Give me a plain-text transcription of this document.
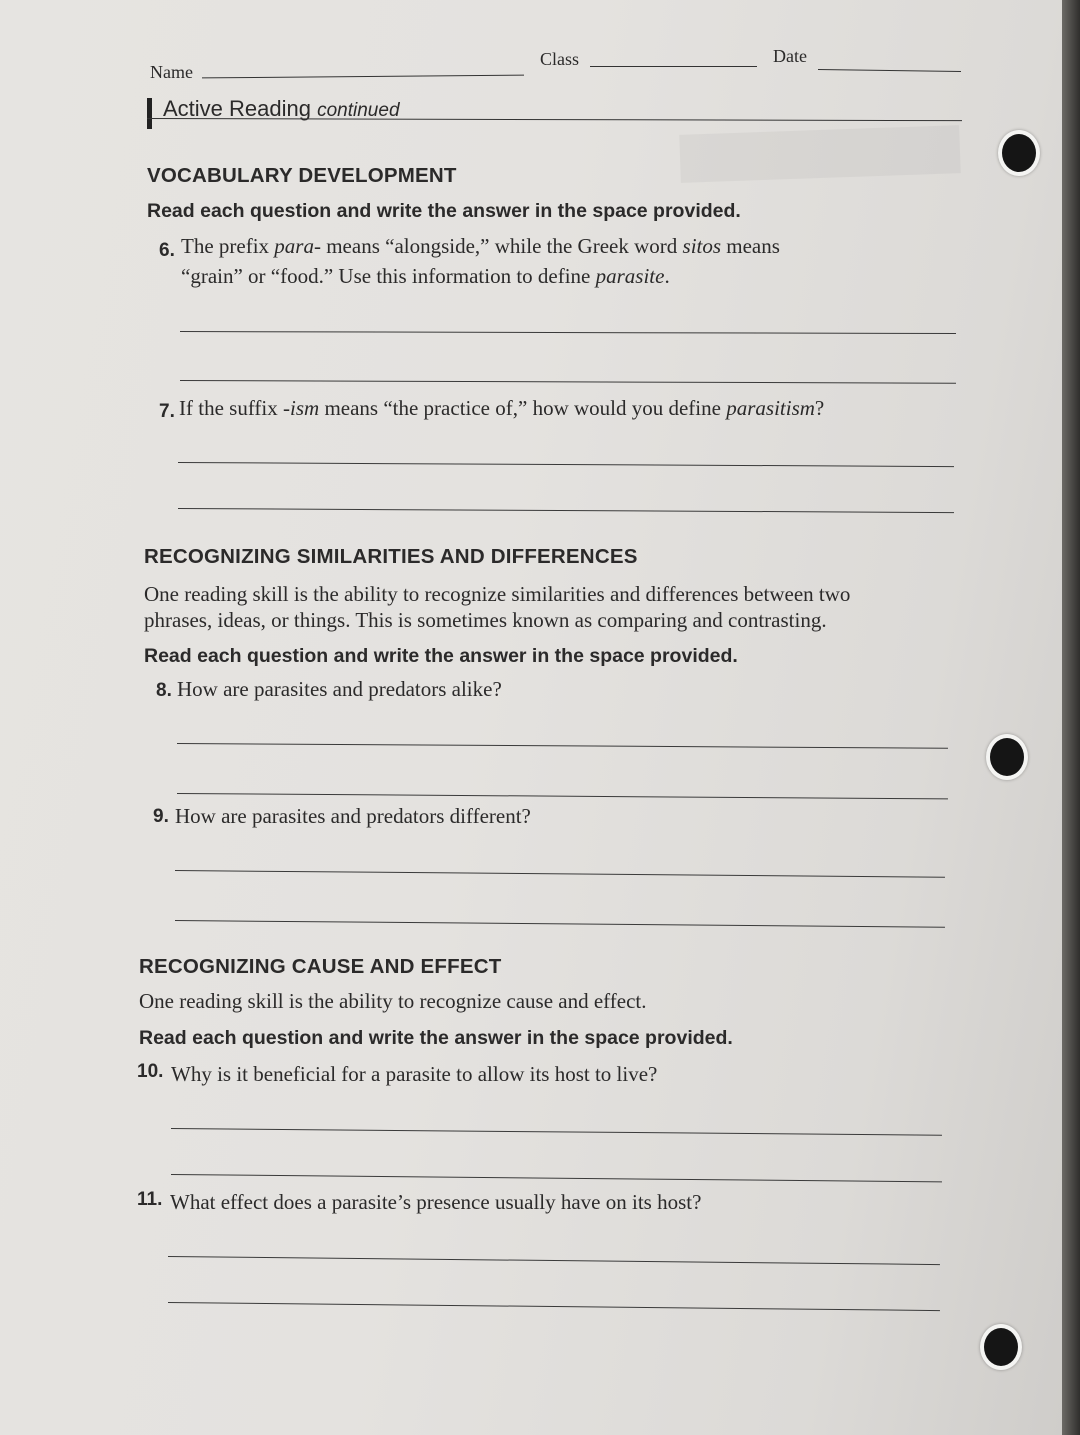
Name
Class	Date
Active Reading continued
VOCABULARY DEVELOPMENT
Read each question and write the answer in the space provided.
6. The prefix para- means “alongside,” while the Greek word sitos means
“grain” or “food.” Use this information to define parasite.
7. If the suffix -ism means “the practice of,” how would you define parasitism?
RECOGNIZING SIMILARITIES AND DIFFERENCES
One reading skill is the ability to recognize similarities and differences between two
phrases, ideas, or things. This is sometimes known as comparing and contrasting.
Read each question and write the answer in the space provided.
8. How are parasites and predators alike?
9. How are parasites and predators different?
RECOGNIZING CAUSE AND EFFECT
One reading skill is the ability to recognize cause and effect.
Read each question and write the answer in the space provided.
10. Why is it beneficial for a parasite to allow its host to live?
11. What effect does a parasite’s presence usually have on its host?
